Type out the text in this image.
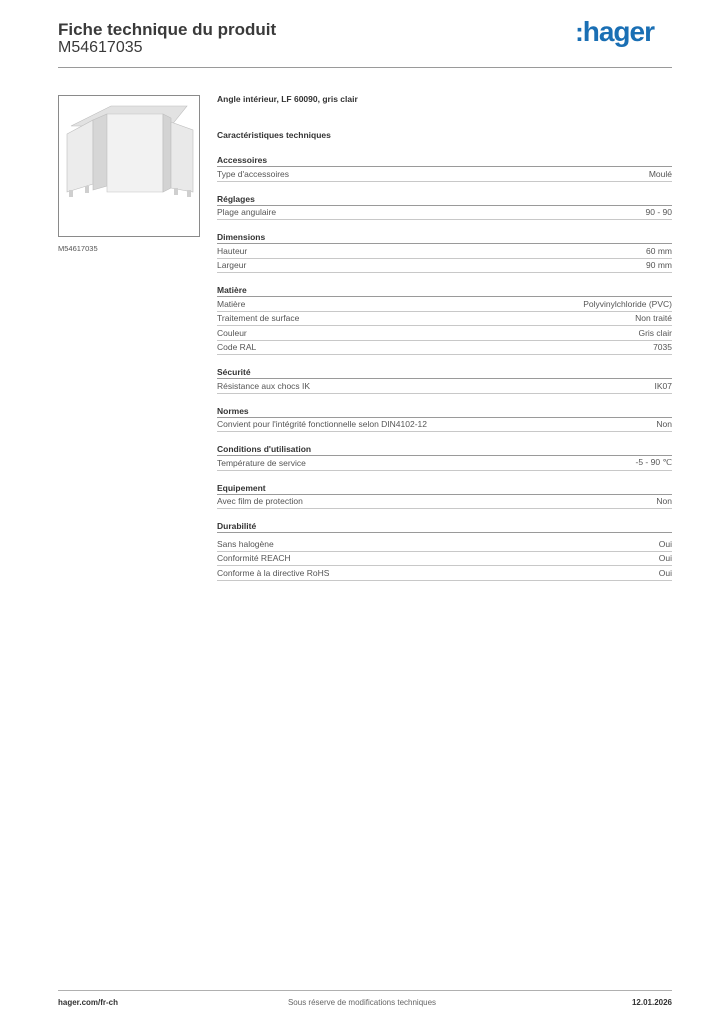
Fiche technique du produit
M54617035
:hager
M54617035
Angle intérieur, LF 60090, gris clair
Caractéristiques techniques
Accessoires
Type d'accessoires	Moulé
Réglages
Plage angulaire	90 - 90
Dimensions
Hauteur	60 mm
Largeur	90 mm
Matière
Matière	Polyvinylchloride (PVC)
Traitement de surface	Non traité
Couleur	Gris clair
Code RAL	7035
Sécurité
Résistance aux chocs IK	IK07
Normes
Convient pour l'intégrité fonctionnelle selon DIN4102-12	Non
Conditions d'utilisation
Température de service	-5 - 90 ℃
Equipement
Avec film de protection	Non
Durabilité
Sans halogène	Oui
Conformité REACH	Oui
Conforme à la directive RoHS	Oui
hager.com/fr-ch	Sous réserve de modifications techniques	12.01.2026
